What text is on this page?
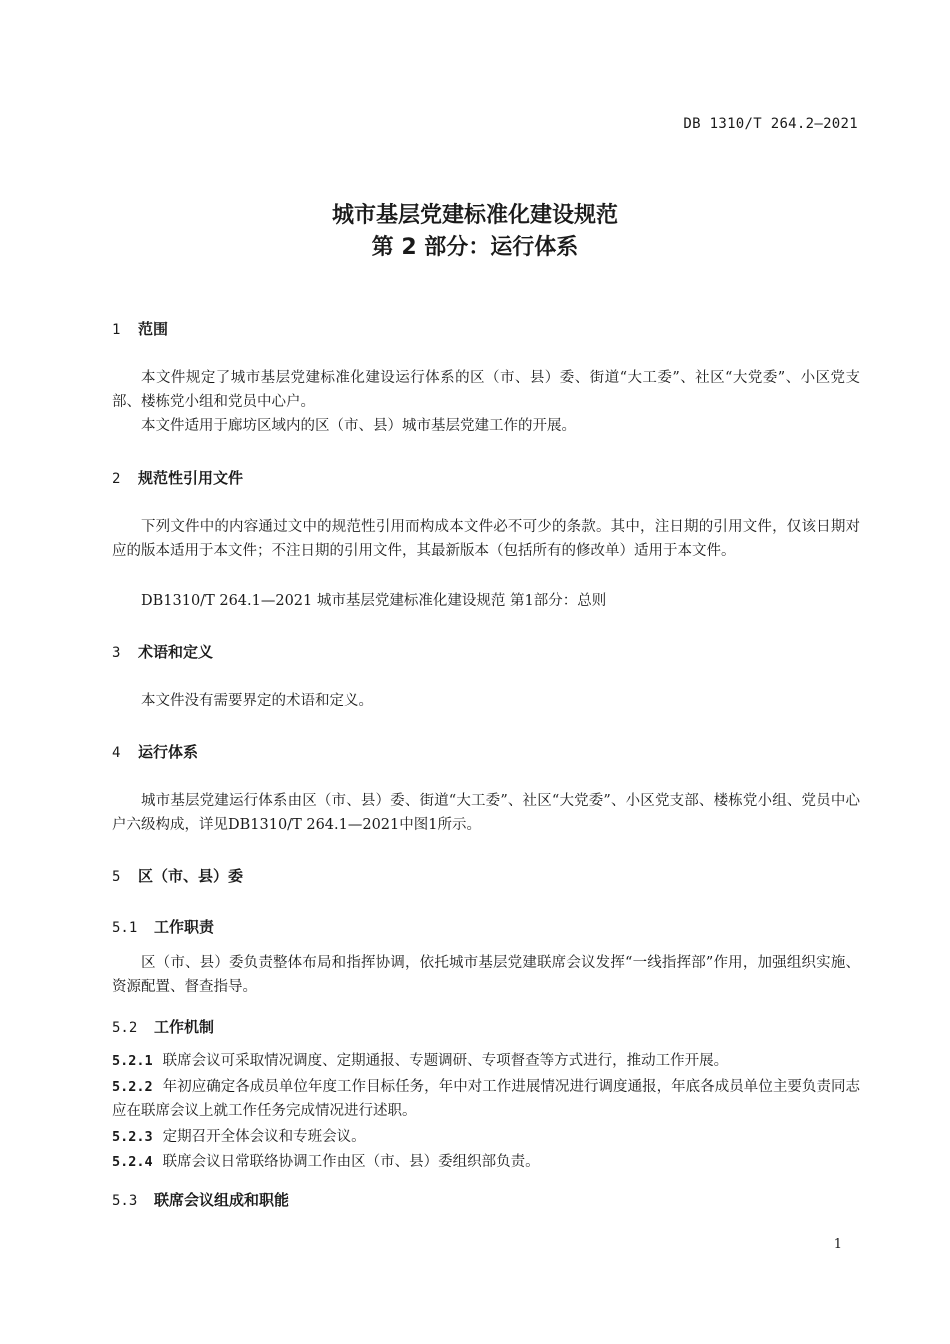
DB 1310/T 264.2—2021
城市基层党建标准化建设规范
第 2 部分：运行体系
1 范围
本文件规定了城市基层党建标准化建设运行体系的区（市、县）委、街道“大工委”、社区“大党委”、小区党支部、楼栋党小组和党员中心户。
本文件适用于廊坊区域内的区（市、县）城市基层党建工作的开展。
2 规范性引用文件
下列文件中的内容通过文中的规范性引用而构成本文件必不可少的条款。其中，注日期的引用文件，仅该日期对应的版本适用于本文件；不注日期的引用文件，其最新版本（包括所有的修改单）适用于本文件。
DB1310/T 264.1—2021 城市基层党建标准化建设规范 第1部分：总则
3 术语和定义
本文件没有需要界定的术语和定义。
4 运行体系
城市基层党建运行体系由区（市、县）委、街道“大工委”、社区“大党委”、小区党支部、楼栋党小组、党员中心户六级构成，详见DB1310/T 264.1—2021中图1所示。
5 区（市、县）委
5.1 工作职责
区（市、县）委负责整体布局和指挥协调，依托城市基层党建联席会议发挥“一线指挥部”作用，加强组织实施、资源配置、督查指导。
5.2 工作机制
5.2.1 联席会议可采取情况调度、定期通报、专题调研、专项督查等方式进行，推动工作开展。
5.2.2 年初应确定各成员单位年度工作目标任务，年中对工作进展情况进行调度通报，年底各成员单位主要负责同志应在联席会议上就工作任务完成情况进行述职。
5.2.3 定期召开全体会议和专班会议。
5.2.4 联席会议日常联络协调工作由区（市、县）委组织部负责。
5.3 联席会议组成和职能
1
